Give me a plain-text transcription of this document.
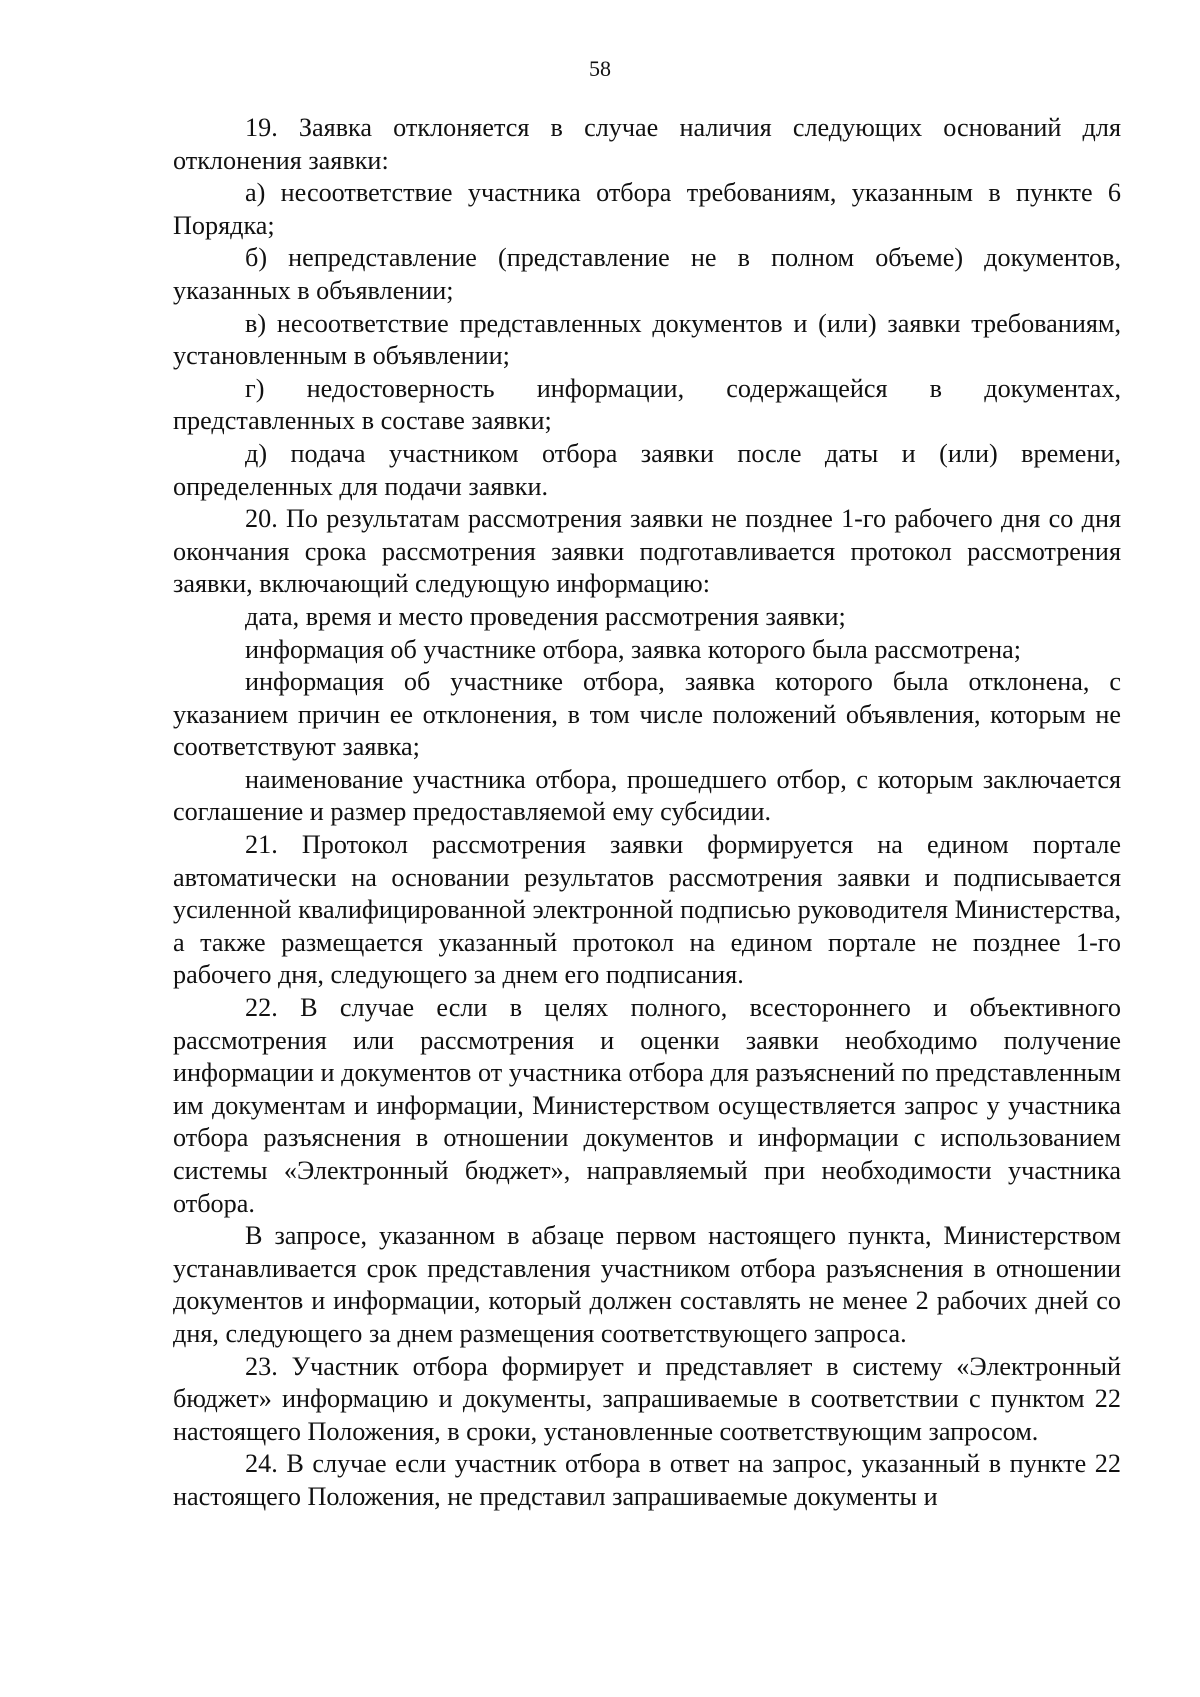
58

19. Заявка отклоняется в случае наличия следующих оснований для отклонения заявки:

а) несоответствие участника отбора требованиям, указанным в пункте 6 Порядка;

б) непредставление (представление не в полном объеме) документов, указанных в объявлении;

в) несоответствие представленных документов и (или) заявки требованиям, установленным в объявлении;

г) недостоверность информации, содержащейся в документах, представленных в составе заявки;

д) подача участником отбора заявки после даты и (или) времени, определенных для подачи заявки.

20. По результатам рассмотрения заявки не позднее 1-го рабочего дня со дня окончания срока рассмотрения заявки подготавливается протокол рассмотрения заявки, включающий следующую информацию:

дата, время и место проведения рассмотрения заявки;

информация об участнике отбора, заявка которого была рассмотрена;

информация об участнике отбора, заявка которого была отклонена, с указанием причин ее отклонения, в том числе положений объявления, которым не соответствуют заявка;

наименование участника отбора, прошедшего отбор, с которым заключается соглашение и размер предоставляемой ему субсидии.

21. Протокол рассмотрения заявки формируется на едином портале автоматически на основании результатов рассмотрения заявки и подписывается усиленной квалифицированной электронной подписью руководителя Министерства, а также размещается указанный протокол на едином портале не позднее 1-го рабочего дня, следующего за днем его подписания.

22. В случае если в целях полного, всестороннего и объективного рассмотрения или рассмотрения и оценки заявки необходимо получение информации и документов от участника отбора для разъяснений по представленным им документам и информации, Министерством осуществляется запрос у участника отбора разъяснения в отношении документов и информации с использованием системы «Электронный бюджет», направляемый при необходимости участника отбора.

В запросе, указанном в абзаце первом настоящего пункта, Министерством устанавливается срок представления участником отбора разъяснения в отношении документов и информации, который должен составлять не менее 2 рабочих дней со дня, следующего за днем размещения соответствующего запроса.

23. Участник отбора формирует и представляет в систему «Электронный бюджет» информацию и документы, запрашиваемые в соответствии с пунктом 22 настоящего Положения, в сроки, установленные соответствующим запросом.

24. В случае если участник отбора в ответ на запрос, указанный в пункте 22 настоящего Положения, не представил запрашиваемые документы и
